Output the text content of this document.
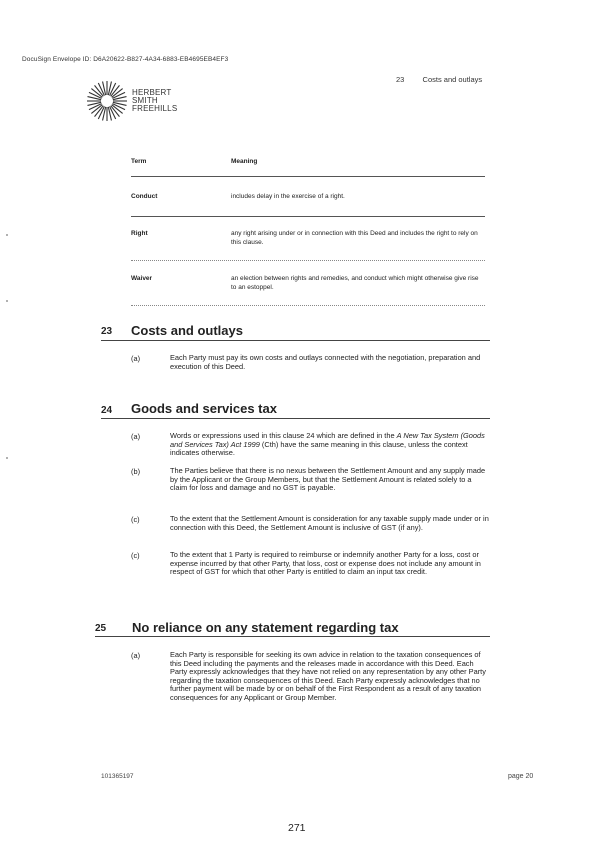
DocuSign Envelope ID: D6A20622-B827-4A34-6883-EB4695EB4EF3
HERBERT
SMITH
FREEHILLS
23 Costs and outlays
Term	Meaning
Conduct	includes delay in the exercise of a right.
Right	any right arising under or in connection with this Deed and includes the right to rely on this clause.
Waiver	an election between rights and remedies, and conduct which might otherwise give rise to an estoppel.
23 Costs and outlays
(a)	Each Party must pay its own costs and outlays connected with the negotiation, preparation and execution of this Deed.
24 Goods and services tax
(a)	Words or expressions used in this clause 24 which are defined in the A New Tax System (Goods and Services Tax) Act 1999 (Cth) have the same meaning in this clause, unless the context indicates otherwise.
(b)	The Parties believe that there is no nexus between the Settlement Amount and any supply made by the Applicant or the Group Members, but that the Settlement Amount is related solely to a claim for loss and damage and no GST is payable.
(c)	To the extent that the Settlement Amount is consideration for any taxable supply made under or in connection with this Deed, the Settlement Amount is inclusive of GST (if any).
(c)	To the extent that 1 Party is required to reimburse or indemnify another Party for a loss, cost or expense incurred by that other Party, that loss, cost or expense does not include any amount in respect of GST for which that other Party is entitled to claim an input tax credit.
25 No reliance on any statement regarding tax
(a)	Each Party is responsible for seeking its own advice in relation to the taxation consequences of this Deed including the payments and the releases made in accordance with this Deed. Each Party expressly acknowledges that they have not relied on any representation by any other Party regarding the taxation consequences of this Deed. Each Party expressly acknowledges that no further payment will be made by or on behalf of the First Respondent as a result of any taxation consequences for any Applicant or Group Member.
101365197	page 20
271
